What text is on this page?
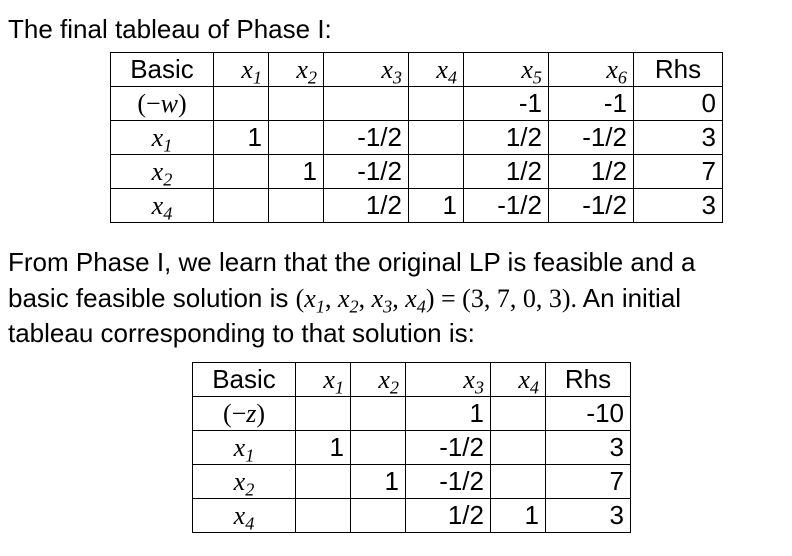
The final tableau of Phase I:
Basic	$x_1$	$x_2$	$x_3$	$x_4$	$x_5$	$x_6$	Rhs
(−w)					-1	-1	0
$x_1$	1		-1/2		1/2	-1/2	3
$x_2$		1	-1/2		1/2	1/2	7
$x_4$			1/2	1	-1/2	-1/2	3
From Phase I, we learn that the original LP is feasible and a
basic feasible solution is ($x_1$, $x_2$, $x_3$, $x_4) = (3$, 7, 0, 3). An initial
tableau corresponding to that solution is:
Basic	$x_1$	$x_2$	$x_3$	$x_4$	Rhs
(−z)			1		-10
$x_1$	1		-1/2		3
$x_2$		1	-1/2		7
$x_4$			1/2	1	3
